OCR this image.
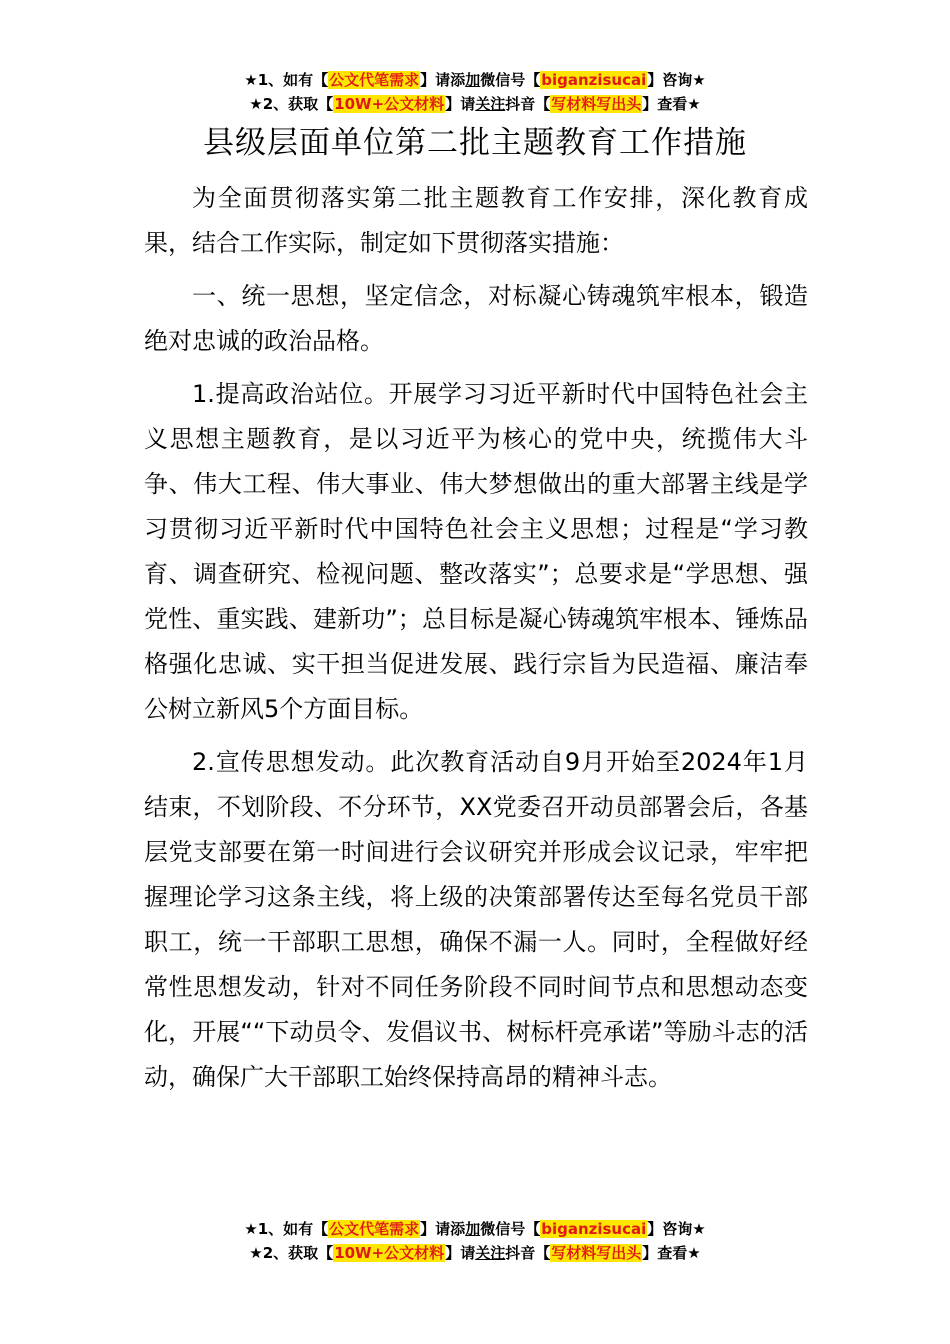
★1、如有【公文代笔需求】请添加微信号【biganzisucai】咨询★
★2、获取【10W+公文材料】请关注抖音【写材料写出头】查看★
县级层面单位第二批主题教育工作措施

为全面贯彻落实第二批主题教育工作安排，深化教育成果，结合工作实际，制定如下贯彻落实措施：

一、统一思想，坚定信念，对标凝心铸魂筑牢根本，锻造绝对忠诚的政治品格。

1.提高政治站位。开展学习习近平新时代中国特色社会主义思想主题教育，是以习近平为核心的党中央，统揽伟大斗争、伟大工程、伟大事业、伟大梦想做出的重大部署主线是学习贯彻习近平新时代中国特色社会主义思想；过程是“学习教育、调查研究、检视问题、整改落实”；总要求是“学思想、强党性、重实践、建新功”；总目标是凝心铸魂筑牢根本、锤炼品格强化忠诚、实干担当促进发展、践行宗旨为民造福、廉洁奉公树立新风5个方面目标。

2.宣传思想发动。此次教育活动自9月开始至2024年1月结束，不划阶段、不分环节，XX党委召开动员部署会后，各基层党支部要在第一时间进行会议研究并形成会议记录，牢牢把握理论学习这条主线，将上级的决策部署传达至每名党员干部职工，统一干部职工思想，确保不漏一人。同时，全程做好经常性思想发动，针对不同任务阶段不同时间节点和思想动态变化，开展““下动员令、发倡议书、树标杆亮承诺”等励斗志的活动，确保广大干部职工始终保持高昂的精神斗志。

★1、如有【公文代笔需求】请添加微信号【biganzisucai】咨询★
★2、获取【10W+公文材料】请关注抖音【写材料写出头】查看★
